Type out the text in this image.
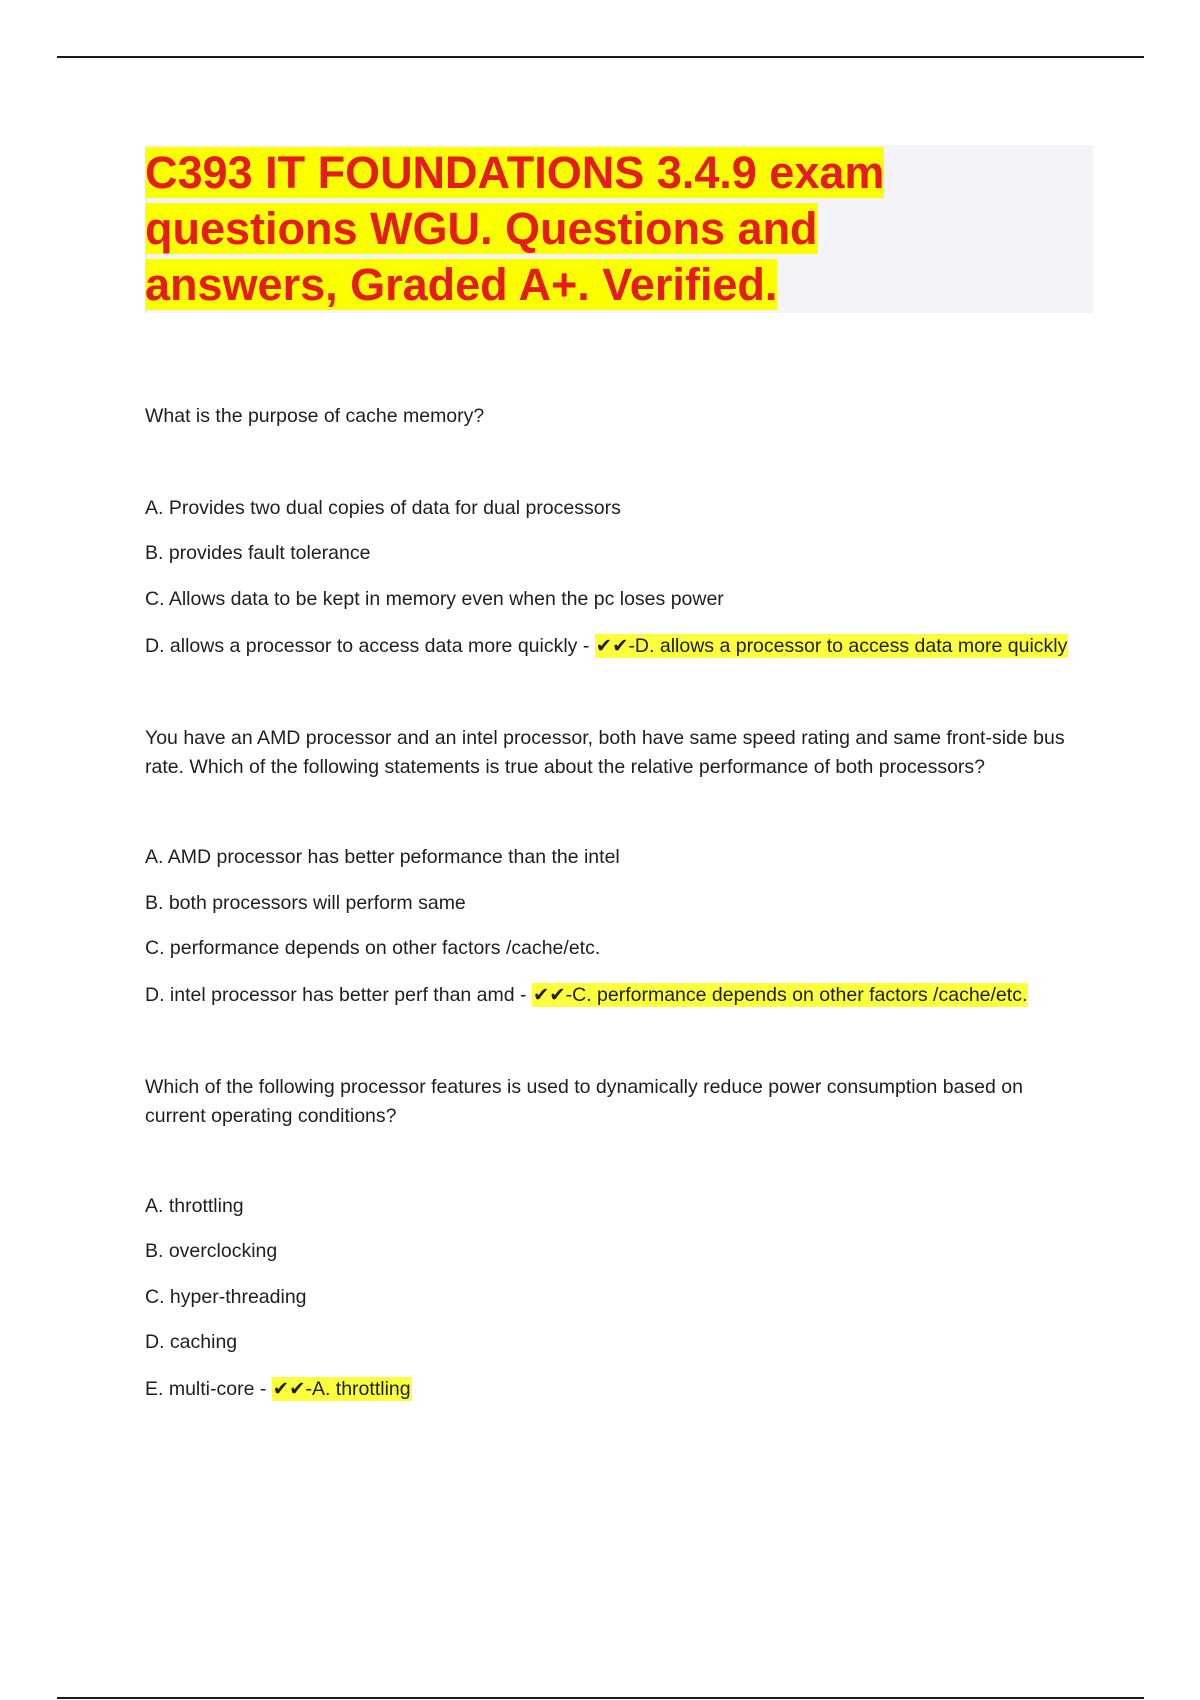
C393 IT FOUNDATIONS 3.4.9 exam
questions WGU. Questions and
answers, Graded A+. Verified.
What is the purpose of cache memory?
A. Provides two dual copies of data for dual processors
B. provides fault tolerance
C. Allows data to be kept in memory even when the pc loses power
D. allows a processor to access data more quickly - ✔✔-D. allows a processor to access data more quickly
You have an AMD processor and an intel processor, both have same speed rating and same front-side bus rate. Which of the following statements is true about the relative performance of both processors?
A. AMD processor has better peformance than the intel
B. both processors will perform same
C. performance depends on other factors /cache/etc.
D. intel processor has better perf than amd - ✔✔-C. performance depends on other factors /cache/etc.
Which of the following processor features is used to dynamically reduce power consumption based on current operating conditions?
A. throttling
B. overclocking
C. hyper-threading
D. caching
E. multi-core - ✔✔-A. throttling
